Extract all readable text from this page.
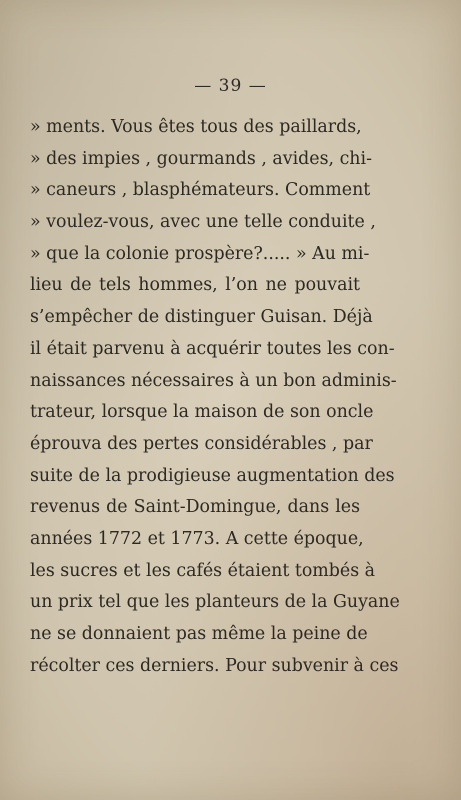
— 39 —
» ments. Vous êtes tous des paillards,
» des impies , gourmands , avides, chi-
» caneurs , blasphémateurs. Comment
» voulez-vous, avec une telle conduite ,
» que la colonie prospère?..... » Au mi-
lieu de tels hommes, l’on ne pouvait
s’empêcher de distinguer Guisan. Déjà
il était parvenu à acquérir toutes les con-
naissances nécessaires à un bon adminis-
trateur, lorsque la maison de son oncle
éprouva des pertes considérables , par
suite de la prodigieuse augmentation des
revenus de Saint-Domingue, dans les
années 1772 et 1773. A cette époque,
les sucres et les cafés étaient tombés à
un prix tel que les planteurs de la Guyane
ne se donnaient pas même la peine de
récolter ces derniers. Pour subvenir à ces
